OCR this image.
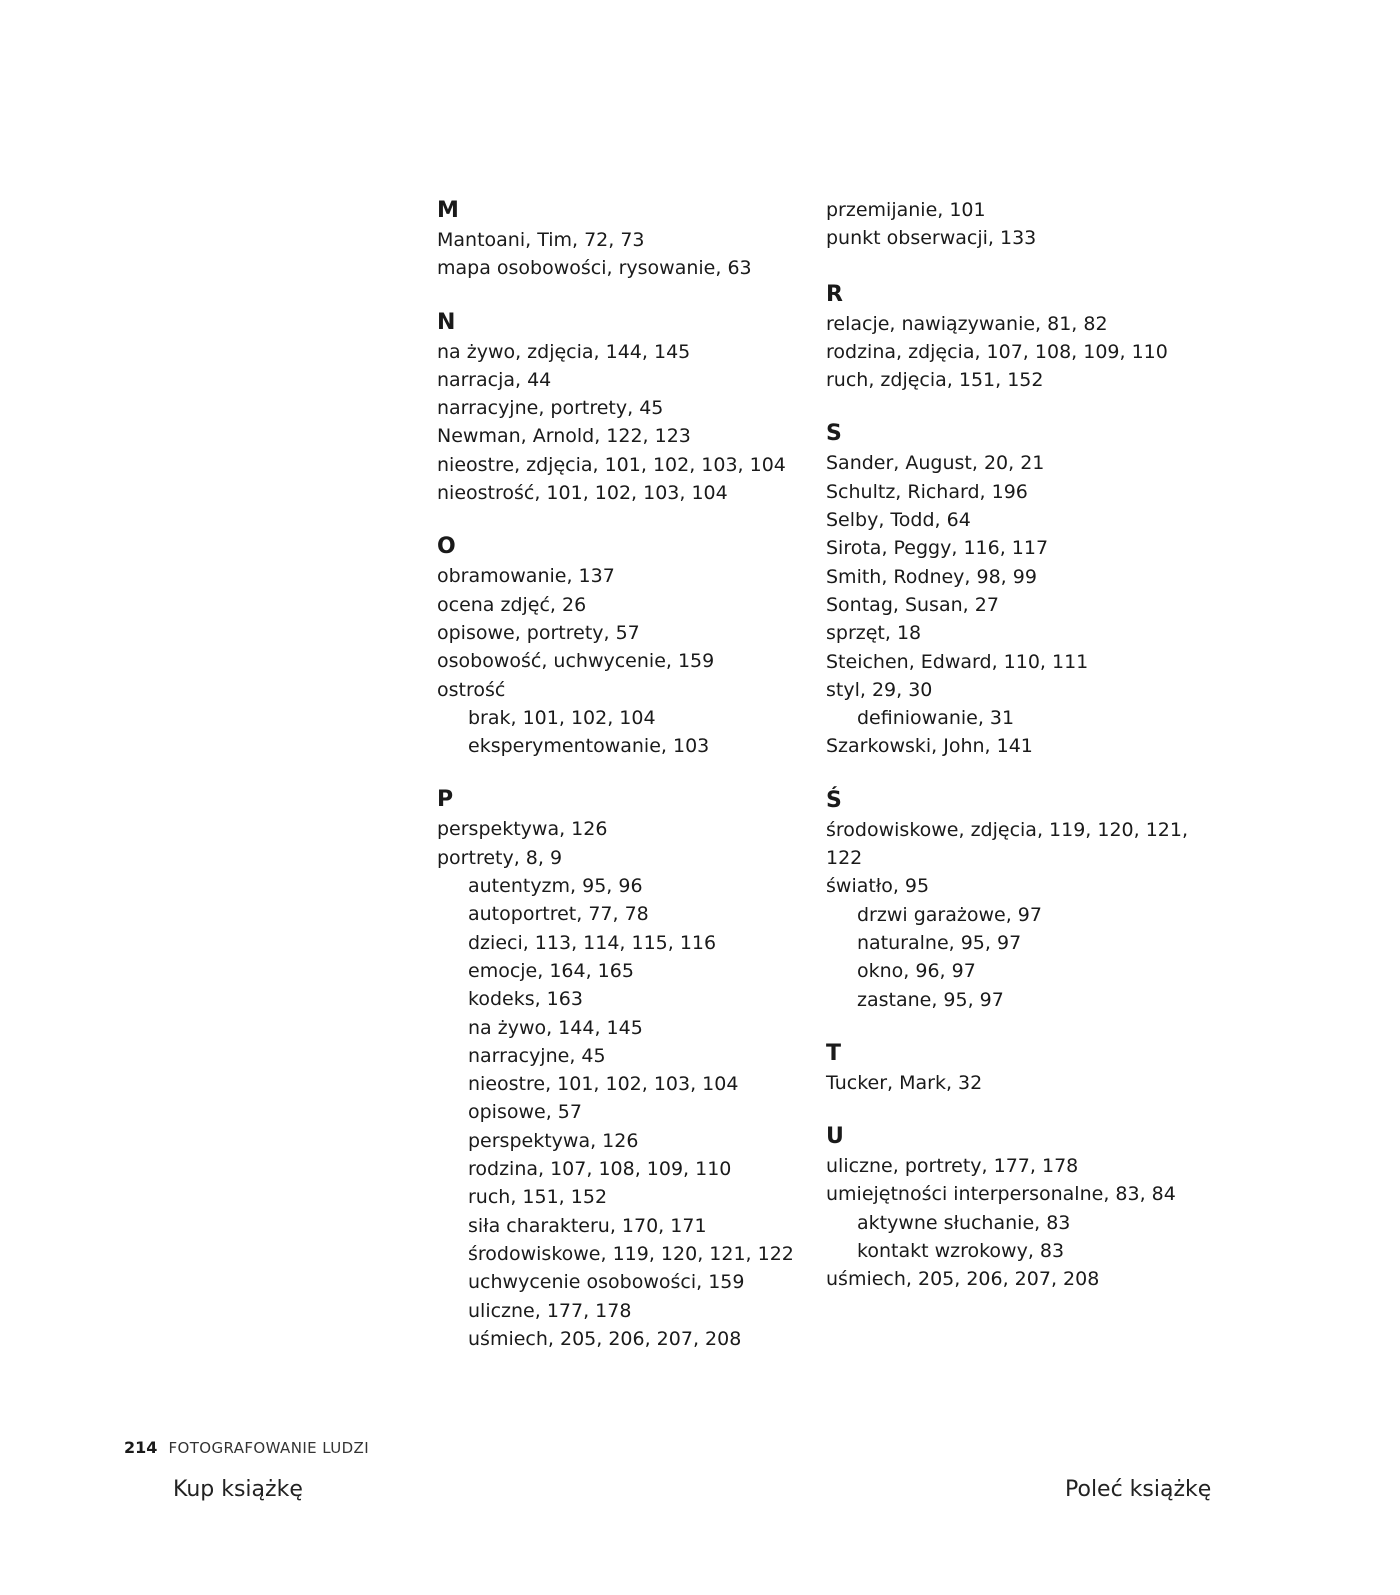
M
Mantoani, Tim, 72, 73
mapa osobowości, rysowanie, 63
N
na żywo, zdjęcia, 144, 145
narracja, 44
narracyjne, portrety, 45
Newman, Arnold, 122, 123
nieostre, zdjęcia, 101, 102, 103, 104
nieostrość, 101, 102, 103, 104
O
obramowanie, 137
ocena zdjęć, 26
opisowe, portrety, 57
osobowość, uchwycenie, 159
ostrość
brak, 101, 102, 104
eksperymentowanie, 103
P
perspektywa, 126
portrety, 8, 9
autentyzm, 95, 96
autoportret, 77, 78
dzieci, 113, 114, 115, 116
emocje, 164, 165
kodeks, 163
na żywo, 144, 145
narracyjne, 45
nieostre, 101, 102, 103, 104
opisowe, 57
perspektywa, 126
rodzina, 107, 108, 109, 110
ruch, 151, 152
siła charakteru, 170, 171
środowiskowe, 119, 120, 121, 122
uchwycenie osobowości, 159
uliczne, 177, 178
uśmiech, 205, 206, 207, 208
przemijanie, 101
punkt obserwacji, 133
R
relacje, nawiązywanie, 81, 82
rodzina, zdjęcia, 107, 108, 109, 110
ruch, zdjęcia, 151, 152
S
Sander, August, 20, 21
Schultz, Richard, 196
Selby, Todd, 64
Sirota, Peggy, 116, 117
Smith, Rodney, 98, 99
Sontag, Susan, 27
sprzęt, 18
Steichen, Edward, 110, 111
styl, 29, 30
definiowanie, 31
Szarkowski, John, 141
Ś
środowiskowe, zdjęcia, 119, 120, 121, 122
światło, 95
drzwi garażowe, 97
naturalne, 95, 97
okno, 96, 97
zastane, 95, 97
T
Tucker, Mark, 32
U
uliczne, portrety, 177, 178
umiejętności interpersonalne, 83, 84
aktywne słuchanie, 83
kontakt wzrokowy, 83
uśmiech, 205, 206, 207, 208
214 FOTOGRAFOWANIE LUDZI
Kup książkę	Poleć książkę
